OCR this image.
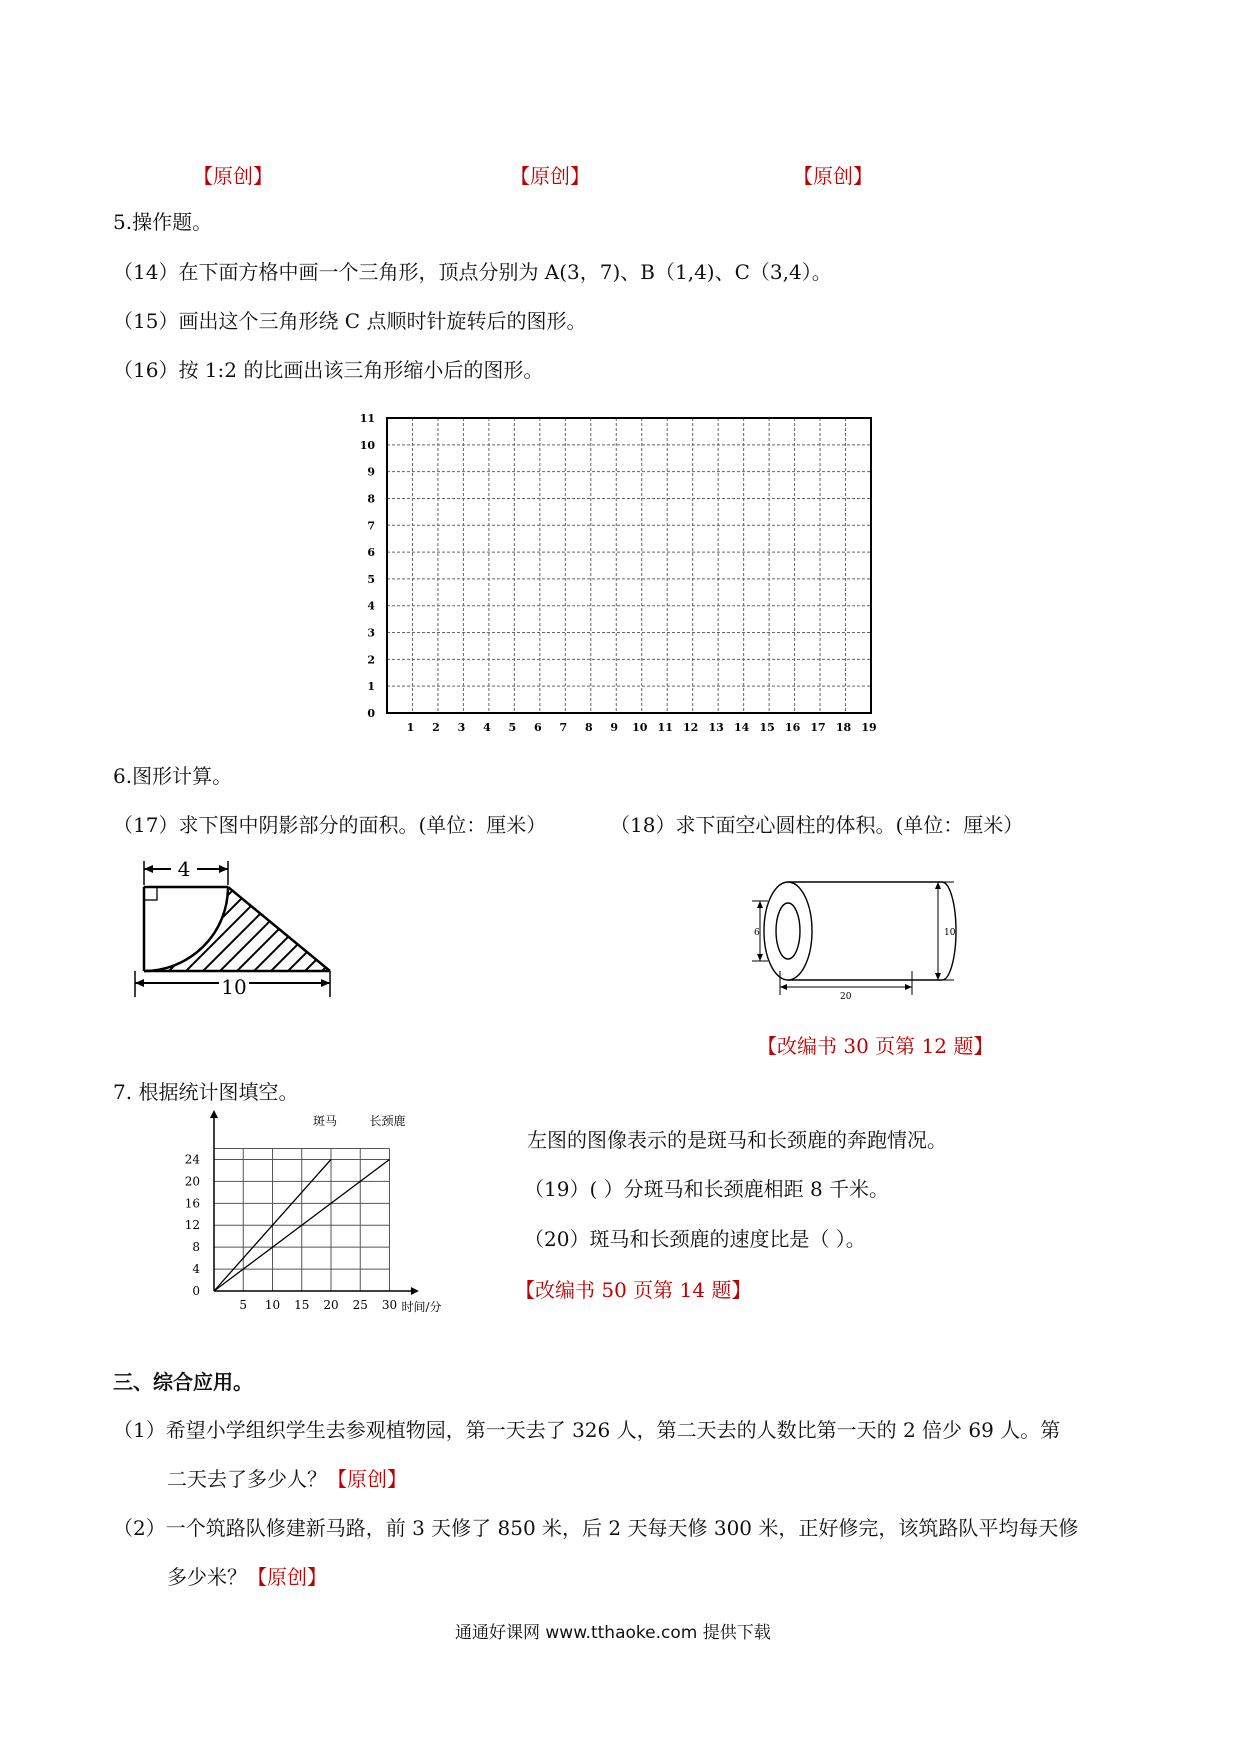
【原创】	【原创】	【原创】
5.操作题。
（14）在下面方格中画一个三角形，顶点分别为 A(3，7)、B（1,4)、C（3,4）。
（15）画出这个三角形绕 C 点顺时针旋转后的图形。
（16）按 1:2 的比画出该三角形缩小后的图形。
0
1
2
3
4
5
6
7
8
9
10
11
1 2 3 4 5 6 7 8 9 10 11 12 13 14 15 16 17 18 19
6.图形计算。
（17）求下图中阴影部分的面积。(单位：厘米）	（18）求下面空心圆柱的体积。(单位：厘米）
4
10
6	10
20
【改编书 30 页第 12 题】
7. 根据统计图填空。
5 10 15 20 25 30
0
4
8
12
16
20
24
时间/分
斑马	长颈鹿
左图的图像表示的是斑马和长颈鹿的奔跑情况。
（19）( ）分斑马和长颈鹿相距 8 千米。
（20）斑马和长颈鹿的速度比是（ ）。
【改编书 50 页第 14 题】
三、综合应用。
（1）希望小学组织学生去参观植物园，第一天去了 326 人，第二天去的人数比第一天的 2 倍少 69 人。第
二天去了多少人？【原创】
（2）一个筑路队修建新马路，前 3 天修了 850 米，后 2 天每天修 300 米，正好修完，该筑路队平均每天修
多少米？【原创】
通通好课网 www.tthaoke.com 提供下载
